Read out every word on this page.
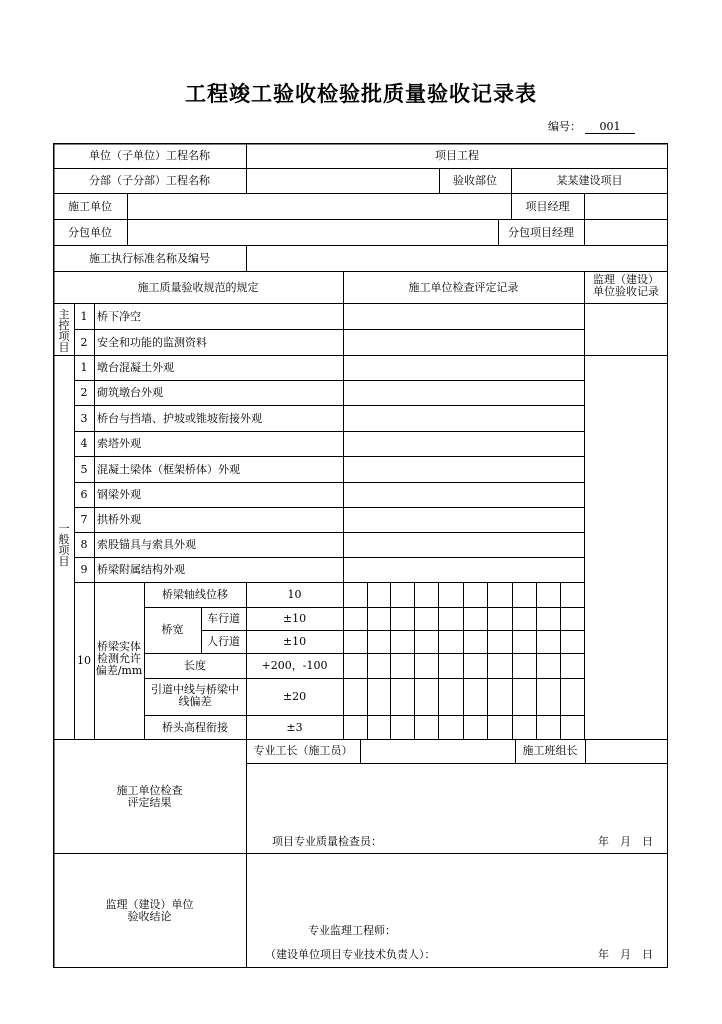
工程竣工验收检验批质量验收记录表
编号： 001
单位（子单位）工程名称	项目工程
分部（子分部）工程名称	验收部位	某某建设项目
施工单位	项目经理
分包单位	分包项目经理
施工执行标准名称及编号
施工质量验收规范的规定	施工单位检查评定记录
监理（建设）
单位验收记录
主控项目
1 桥下净空
2 安全和功能的监测资料
一般项目
1 墩台混凝土外观
2 砌筑墩台外观
3 桥台与挡墙、护坡或锥坡衔接外观
4 索塔外观
5 混凝土梁体（框架桥体）外观
6 钢梁外观
7 拱桥外观
8 索股锚具与索具外观
9 桥梁附属结构外观
10
桥梁实体
检测允许
偏差/mm
桥梁轴线位移	10
桥宽
车行道	±10
人行道	±10
长度	+200，-100
引道中线与桥梁中
线偏差	±20
桥头高程衔接	±3
专业工长（施工员）	施工班组长
施工单位检查
评定结果
项目专业质量检查员：	年　月　日
监理（建设）单位
验收结论
专业监理工程师：
（建设单位项目专业技术负责人）：	年　月　日
